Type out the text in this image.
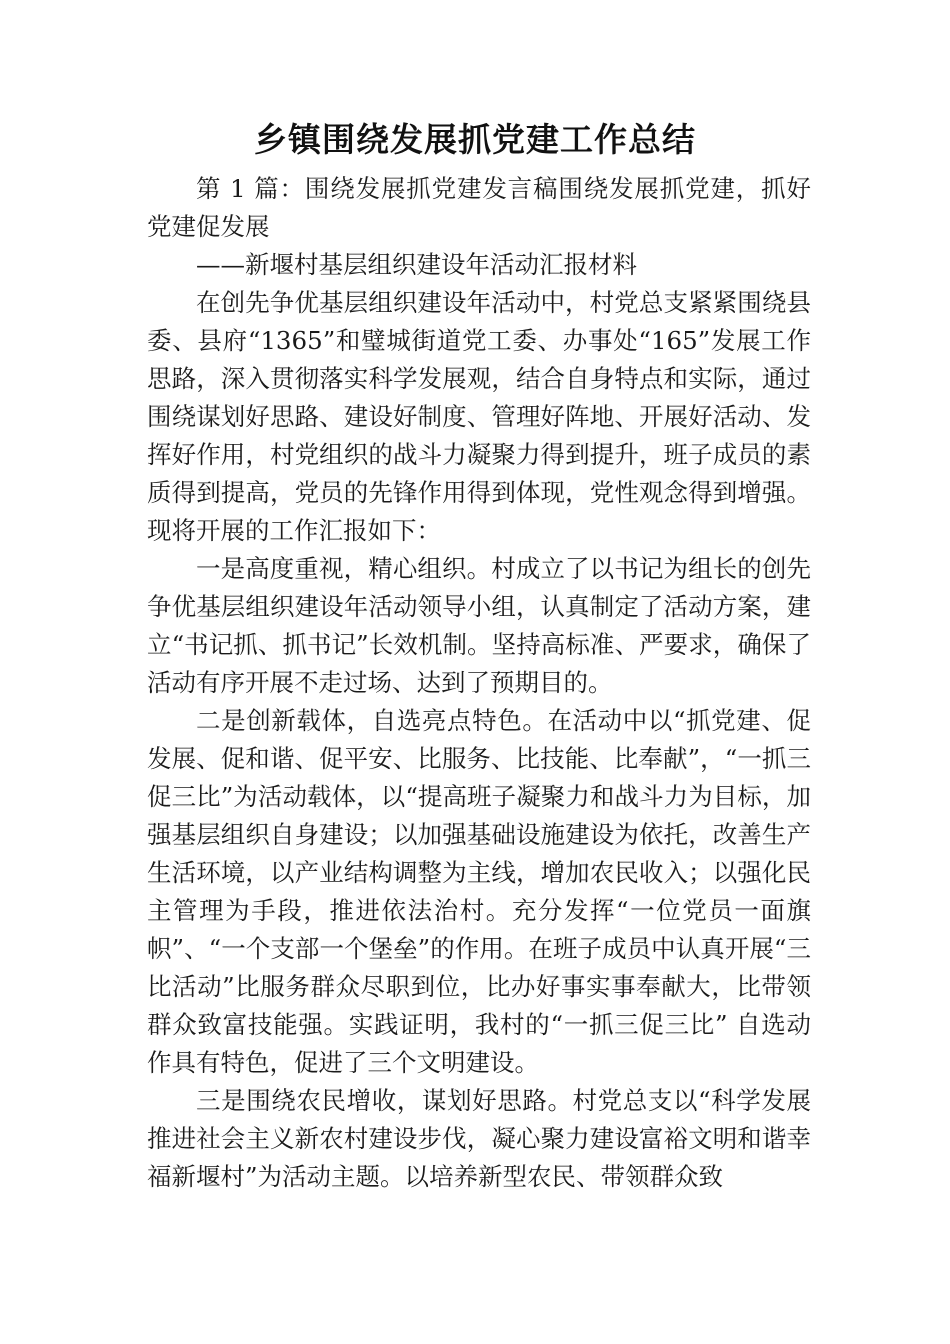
乡镇围绕发展抓党建工作总结

第 1 篇：围绕发展抓党建发言稿围绕发展抓党建，抓好党建促发展

——新堰村基层组织建设年活动汇报材料

在创先争优基层组织建设年活动中，村党总支紧紧围绕县委、县府“1365”和璧城街道党工委、办事处“165”发展工作思路，深入贯彻落实科学发展观，结合自身特点和实际，通过围绕谋划好思路、建设好制度、管理好阵地、开展好活动、发挥好作用，村党组织的战斗力凝聚力得到提升，班子成员的素质得到提高，党员的先锋作用得到体现，党性观念得到增强。现将开展的工作汇报如下：

一是高度重视，精心组织。村成立了以书记为组长的创先争优基层组织建设年活动领导小组，认真制定了活动方案，建立“书记抓、抓书记”长效机制。坚持高标准、严要求，确保了活动有序开展不走过场、达到了预期目的。

二是创新载体，自选亮点特色。在活动中以“抓党建、促发展、促和谐、促平安、比服务、比技能、比奉献”，“一抓三促三比”为活动载体，以“提高班子凝聚力和战斗力为目标，加强基层组织自身建设；以加强基础设施建设为依托，改善生产生活环境，以产业结构调整为主线，增加农民收入；以强化民主管理为手段，推进依法治村。充分发挥“一位党员一面旗帜”、“一个支部一个堡垒”的作用。在班子成员中认真开展“三比活动”比服务群众尽职到位，比办好事实事奉献大，比带领群众致富技能强。实践证明，我村的“一抓三促三比” 自选动作具有特色，促进了三个文明建设。

三是围绕农民增收，谋划好思路。村党总支以“科学发展推进社会主义新农村建设步伐，凝心聚力建设富裕文明和谐幸福新堰村”为活动主题。以培养新型农民、带领群众致
